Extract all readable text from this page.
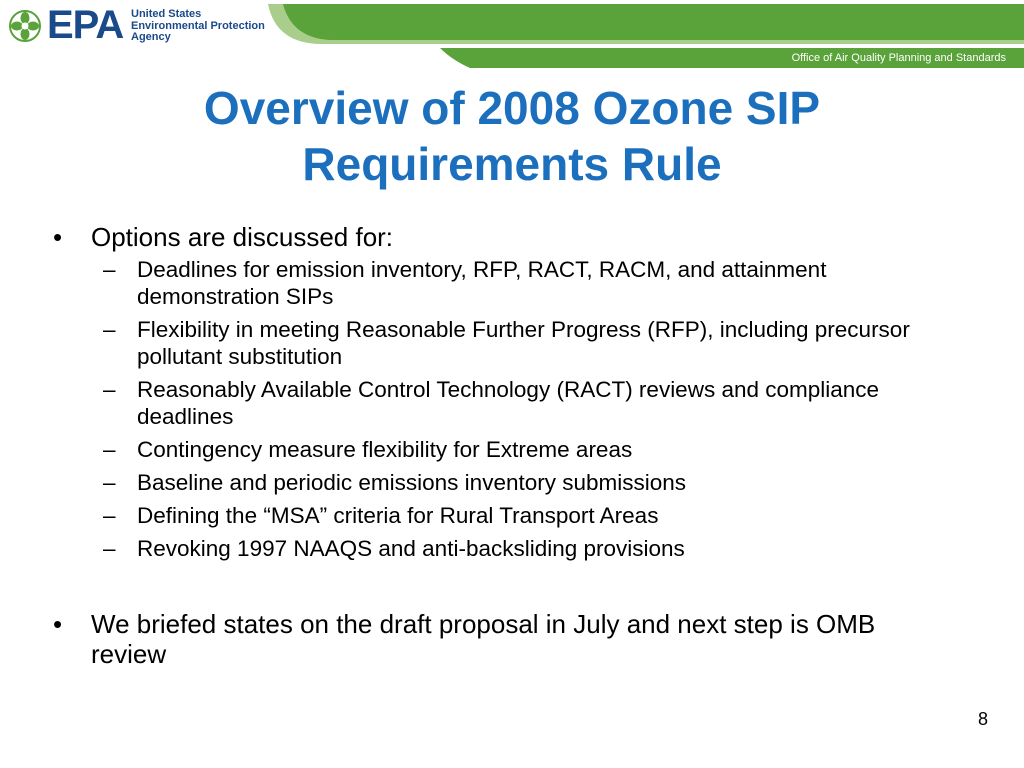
EPA United States
Environmental Protection
Agency
Office of Air Quality Planning and Standards
Overview of 2008 Ozone SIP
Requirements Rule
• Options are discussed for:
– Deadlines for emission inventory, RFP, RACT, RACM, and attainment demonstration SIPs
– Flexibility in meeting Reasonable Further Progress (RFP), including precursor pollutant substitution
– Reasonably Available Control Technology (RACT) reviews and compliance deadlines
– Contingency measure flexibility for Extreme areas
– Baseline and periodic emissions inventory submissions
– Defining the “MSA” criteria for Rural Transport Areas
– Revoking 1997 NAAQS and anti-backsliding provisions
• We briefed states on the draft proposal in July and next step is OMB review
8
